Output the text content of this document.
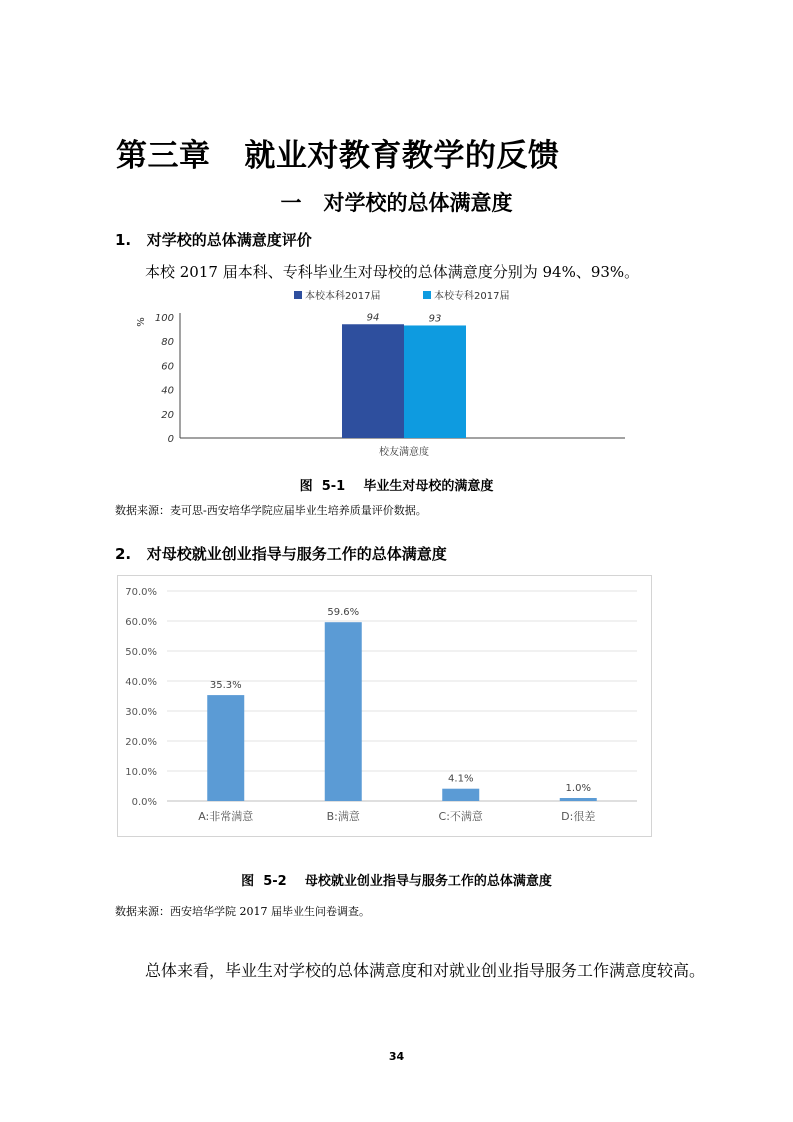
第三章   就业对教育教学的反馈
一   对学校的总体满意度
1.   对学校的总体满意度评价
本校 2017 届本科、专科毕业生对母校的总体满意度分别为 94%、93%。
本校本科2017届	本校专科2017届
0
20
40
60
80
100
%	94	93
校友满意度
图  5-1    毕业生对母校的满意度
数据来源：麦可思-西安培华学院应届毕业生培养质量评价数据。
2.   对母校就业创业指导与服务工作的总体满意度
0.0%
10.0%
20.0%
30.0%
40.0%
50.0%
60.0%
70.0%
35.3%
A:非常满意
59.6%
B:满意
4.1%
C:不满意
1.0%
D:很差
图  5-2    母校就业创业指导与服务工作的总体满意度
数据来源：西安培华学院 2017 届毕业生问卷调查。
总体来看，毕业生对学校的总体满意度和对就业创业指导服务工作满意度较高。
34
